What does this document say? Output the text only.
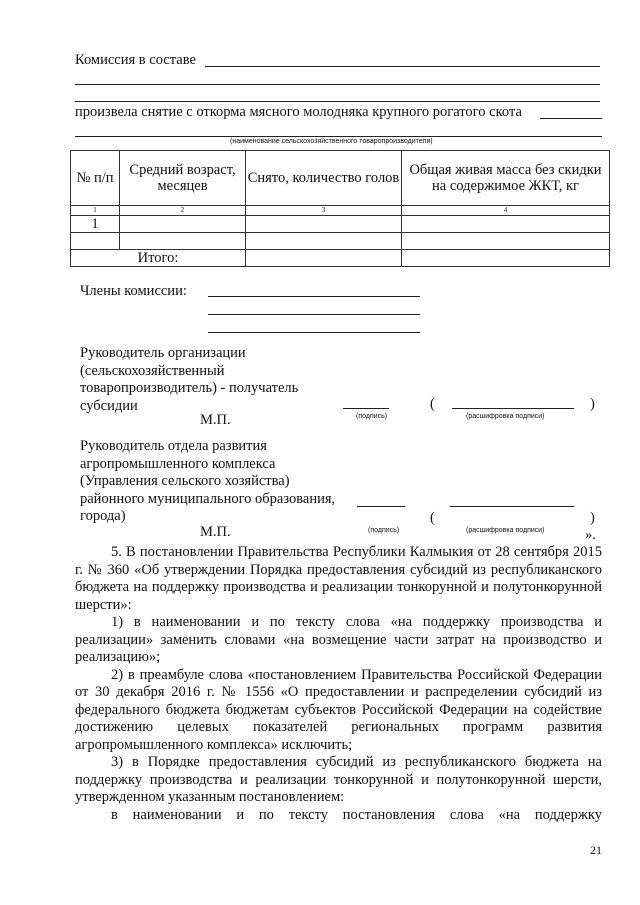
Комиссия в составе
произвела снятие с откорма мясного молодняка крупного рогатого скота
(наименование сельскохозяйственного товаропроизводителя)
№ п/п	Средний возраст, месяцев	Снято, количество голов	Общая живая масса без скидки на содержимое ЖКТ, кг
1	2	3	4
1			

Итого:			
Члены комиссии:
Руководитель организации
(сельскохозяйственный
товаропроизводитель) - получатель
субсидии
М.П.	(подпись)
(
(расшифровка подписи)
)
Руководитель отдела развития
агропромышленного комплекса
(Управления сельского хозяйства)
районного муниципального образования,
города)
М.П.	(подпись)
(
(расшифровка подписи)
)
».

5. В постановлении Правительства Республики Калмыкия от 28 сентября 2015 г. № 360 «Об утверждении Порядка предоставления субсидий из республиканского бюджета на поддержку производства и реализации тонкорунной и полутонкорунной шерсти»:

1) в наименовании и по тексту слова «на поддержку производства и реализации» заменить словами «на возмещение части затрат на производство и реализацию»;

2) в преамбуле слова «постановлением Правительства Российской Федерации от 30 декабря 2016 г. № 1556 «О предоставлении и распределении субсидий из федерального бюджета бюджетам субъектов Российской Федерации на содействие достижению целевых показателей региональных программ развития агропромышленного комплекса» исключить;

3) в Порядке предоставления субсидий из республиканского бюджета на поддержку производства и реализации тонкорунной и полутонкорунной шерсти, утвержденном указанным постановлением:

в наименовании и по тексту постановления слова «на поддержку

21
